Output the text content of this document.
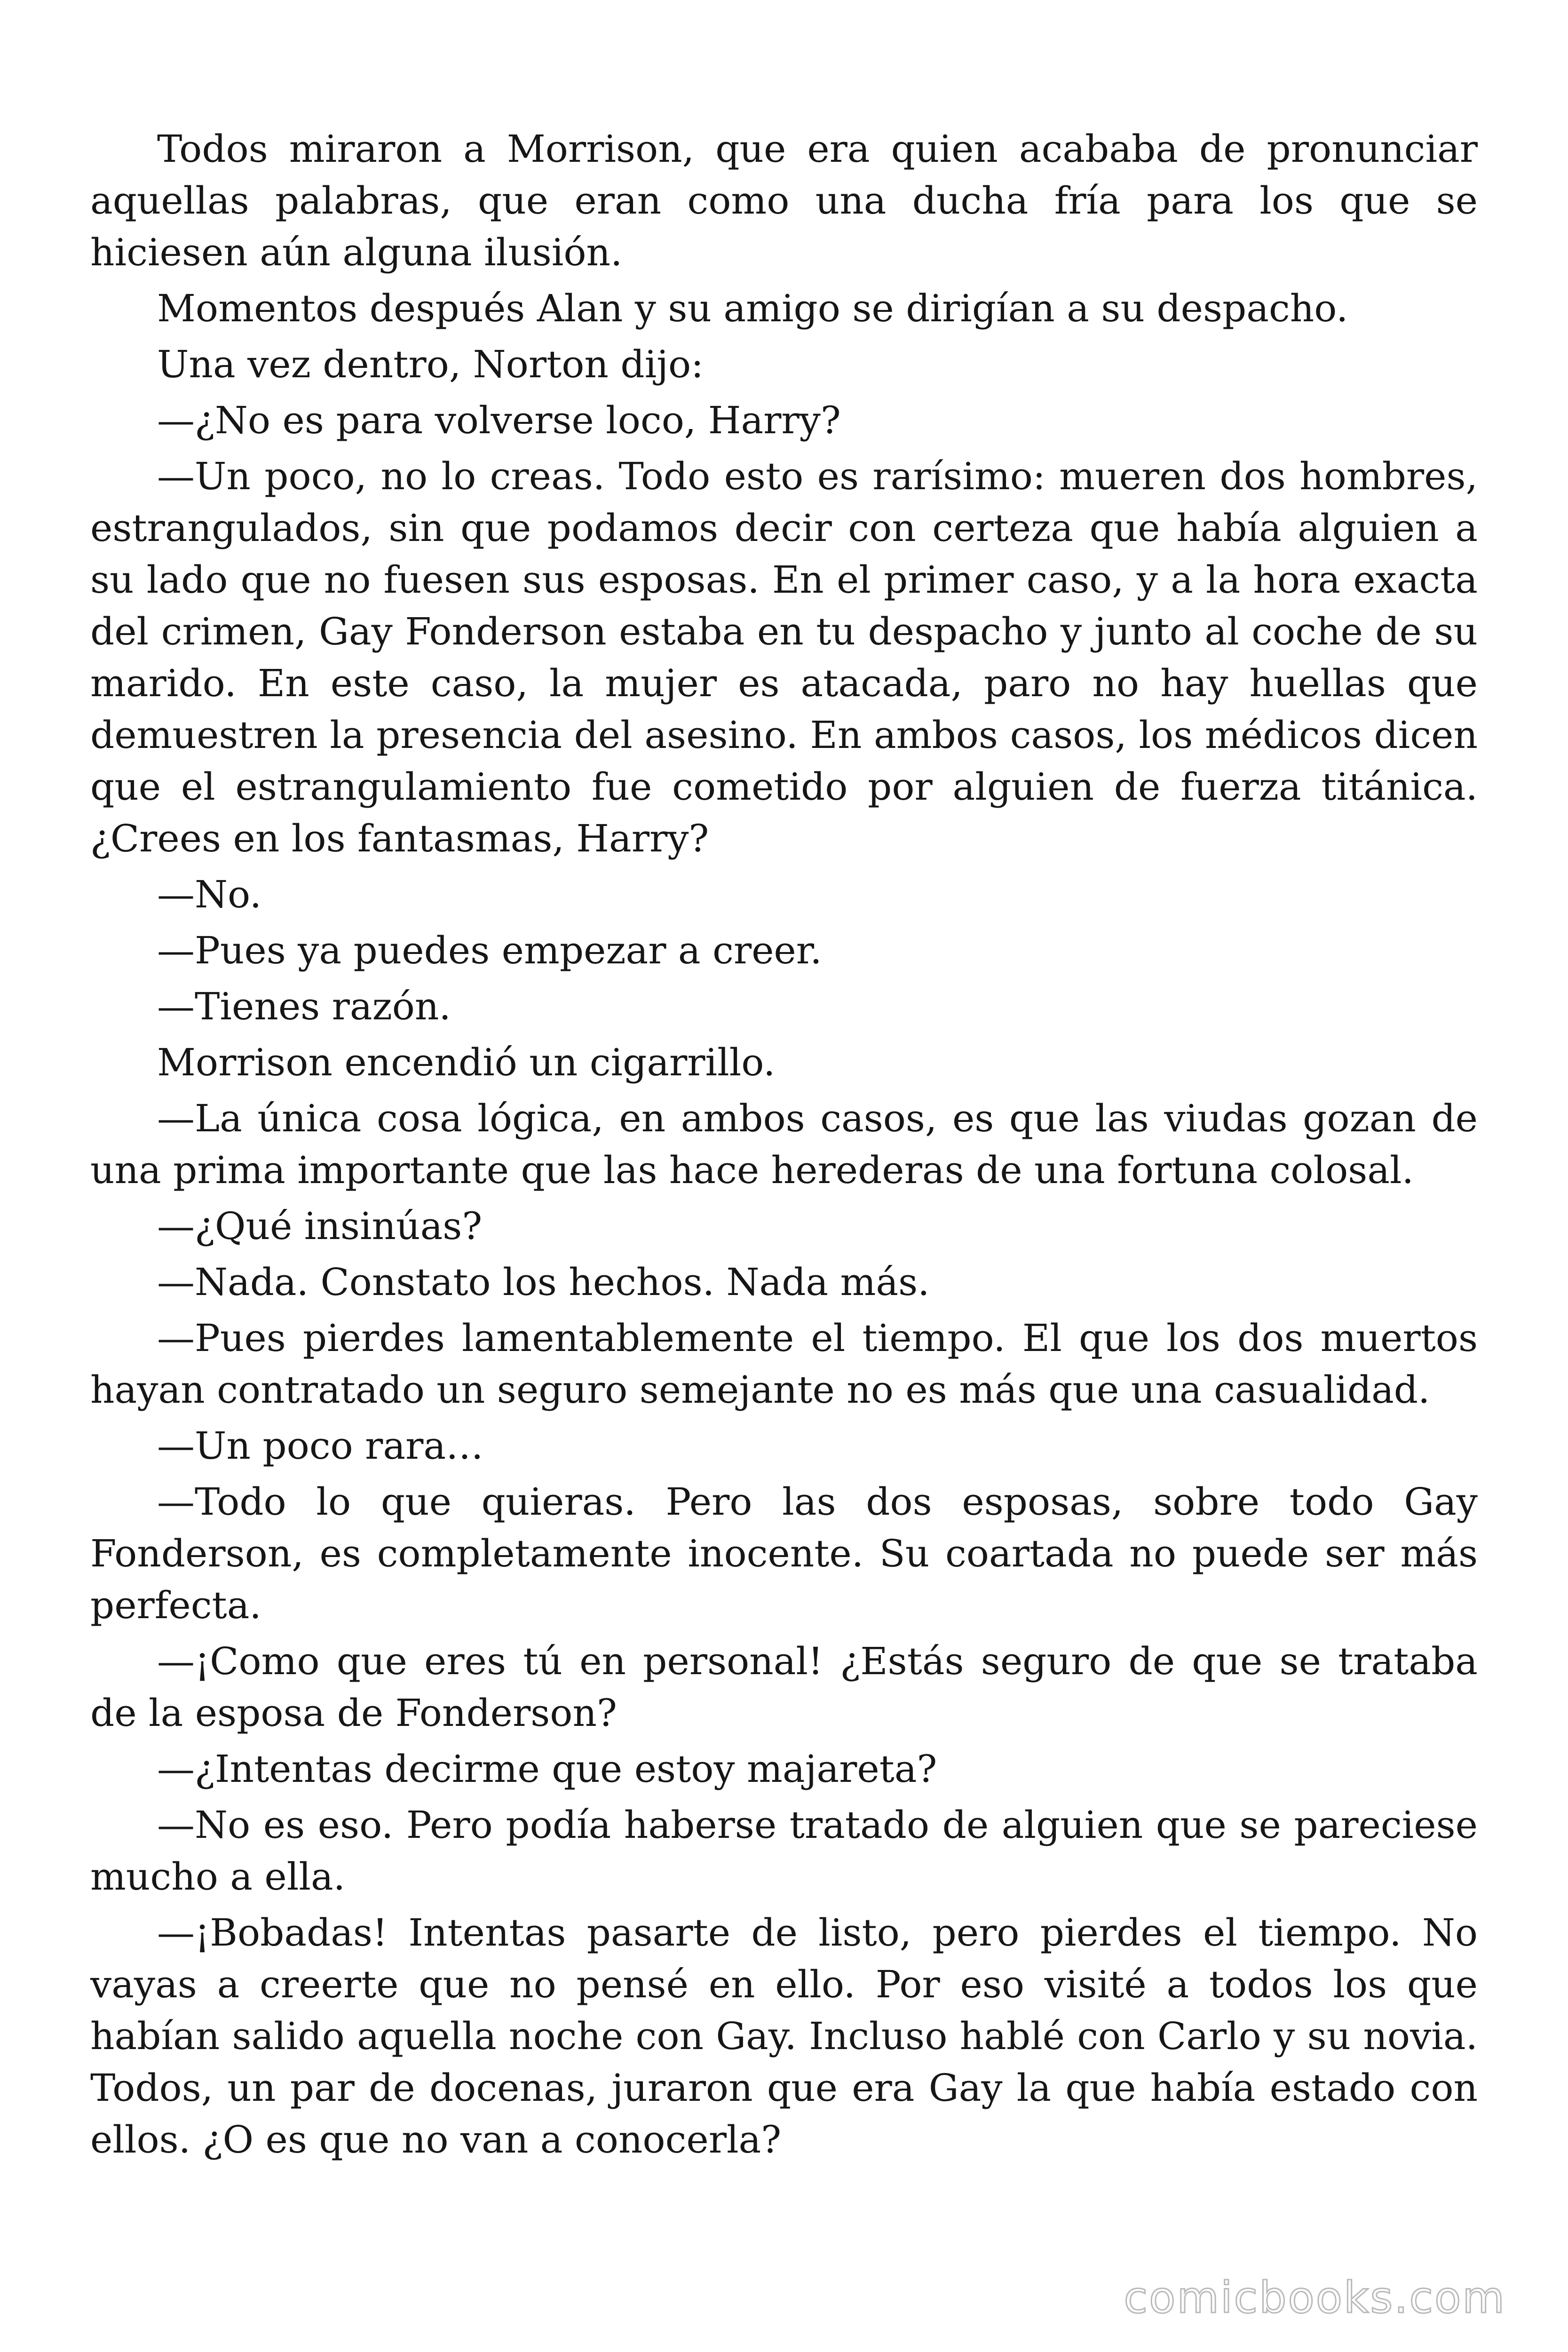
Todos miraron a Morrison, que era quien acababa de pronunciar aquellas palabras, que eran como una ducha fría para los que se hiciesen aún alguna ilusión.

Momentos después Alan y su amigo se dirigían a su despacho.

Una vez dentro, Norton dijo:

—¿No es para volverse loco, Harry?

—Un poco, no lo creas. Todo esto es rarísimo: mueren dos hombres, estrangulados, sin que podamos decir con certeza que había alguien a su lado que no fuesen sus esposas. En el primer caso, y a la hora exacta del crimen, Gay Fonderson estaba en tu despacho y junto al coche de su marido. En este caso, la mujer es atacada, paro no hay huellas que demuestren la presencia del asesino. En ambos casos, los médicos dicen que el estrangulamiento fue cometido por alguien de fuerza titánica. ¿Crees en los fantasmas, Harry?

—No.

—Pues ya puedes empezar a creer.

—Tienes razón.

Morrison encendió un cigarrillo.

—La única cosa lógica, en ambos casos, es que las viudas gozan de una prima importante que las hace herederas de una fortuna colosal.

—¿Qué insinúas?

—Nada. Constato los hechos. Nada más.

—Pues pierdes lamentablemente el tiempo. El que los dos muertos hayan contratado un seguro semejante no es más que una casualidad.

—Un poco rara…

—Todo lo que quieras. Pero las dos esposas, sobre todo Gay Fonderson, es completamente inocente. Su coartada no puede ser más perfecta.

—¡Como que eres tú en personal! ¿Estás seguro de que se trataba de la esposa de Fonderson?

—¿Intentas decirme que estoy majareta?

—No es eso. Pero podía haberse tratado de alguien que se pareciese mucho a ella.

—¡Bobadas! Intentas pasarte de listo, pero pierdes el tiempo. No vayas a creerte que no pensé en ello. Por eso visité a todos los que habían salido aquella noche con Gay. Incluso hablé con Carlo y su novia. Todos, un par de docenas, juraron que era Gay la que había estado con ellos. ¿O es que no van a conocerla?

comicbooks.com
